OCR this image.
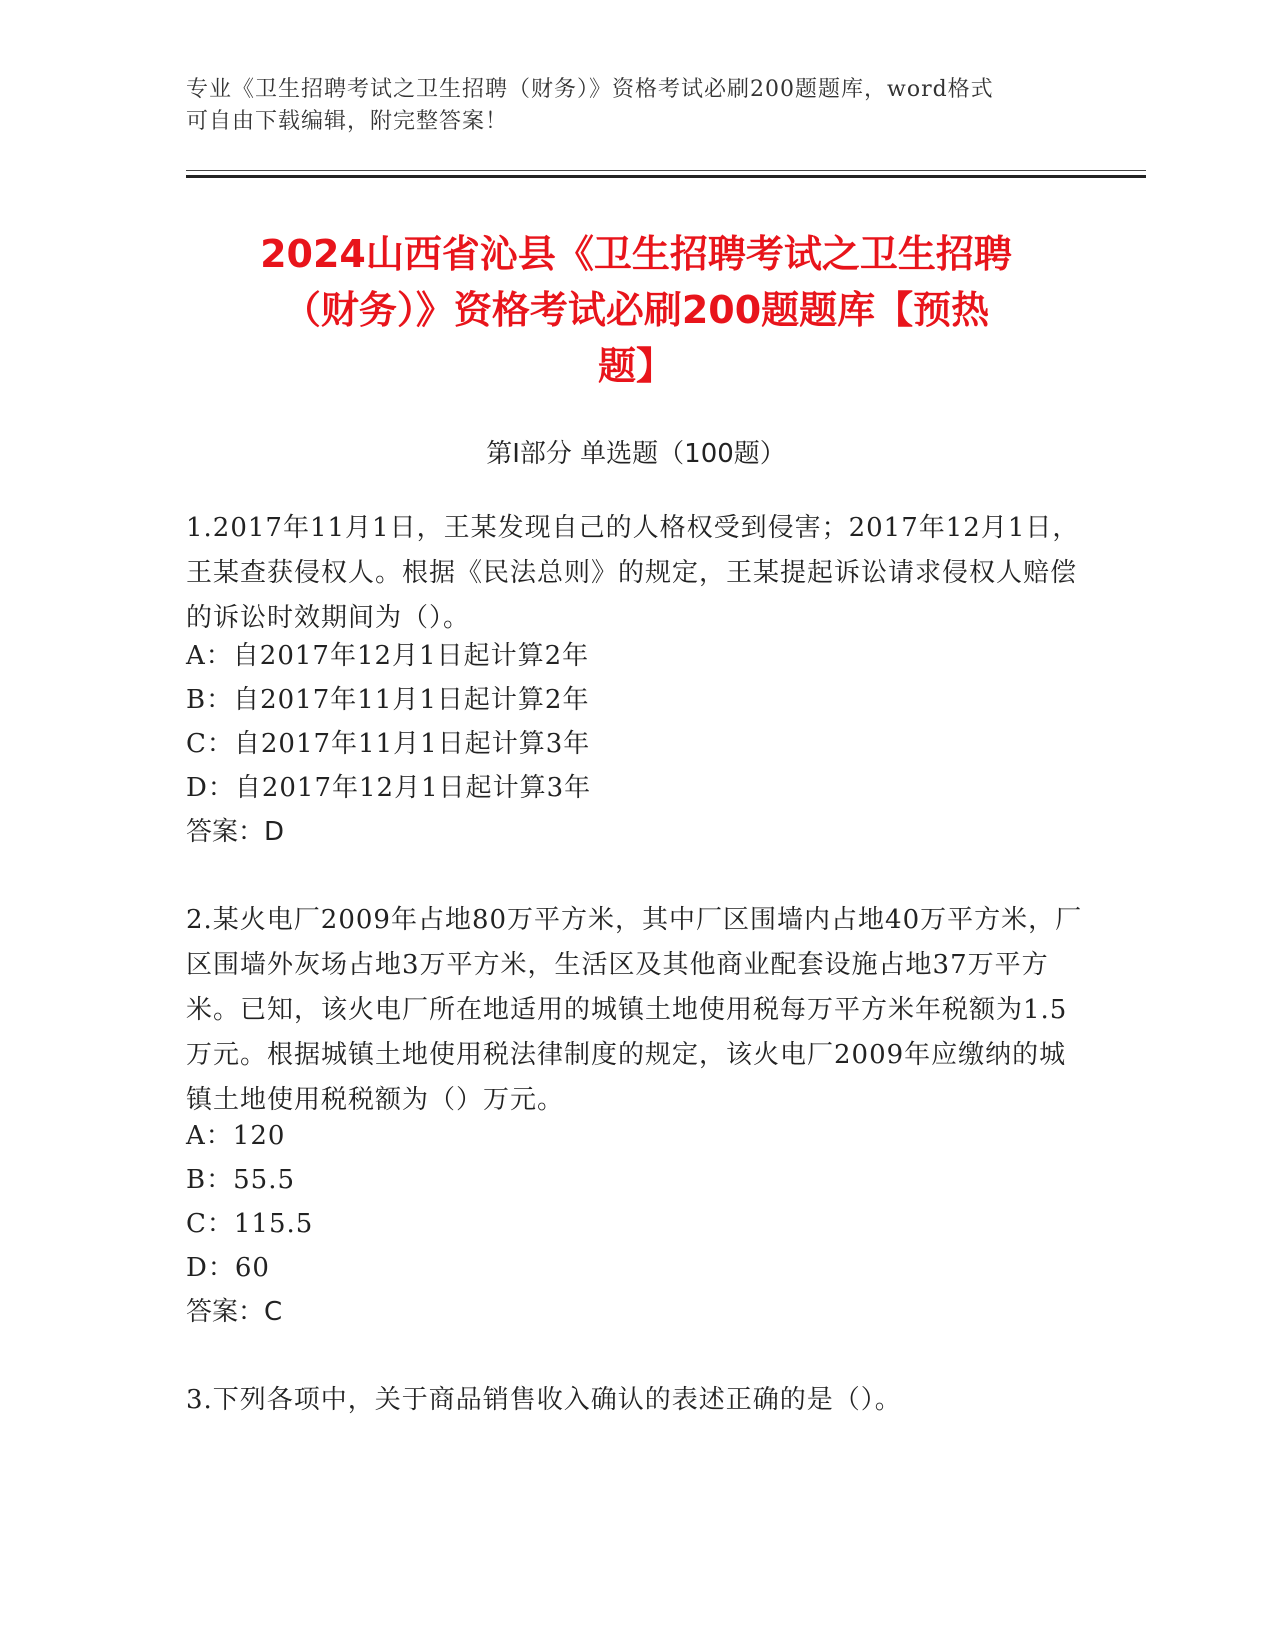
专业《卫生招聘考试之卫生招聘（财务）》资格考试必刷200题题库，word格式
可自由下载编辑，附完整答案！
2024山西省沁县《卫生招聘考试之卫生招聘
（财务）》资格考试必刷200题题库【预热
题】
第Ⅰ部分 单选题（100题）
1.2017年11月1日，王某发现自己的人格权受到侵害；2017年12月1日，王某查获侵权人。根据《民法总则》的规定，王某提起诉讼请求侵权人赔偿的诉讼时效期间为（）。
A：自2017年12月1日起计算2年
B：自2017年11月1日起计算2年
C：自2017年11月1日起计算3年
D：自2017年12月1日起计算3年
答案：D
2.某火电厂2009年占地80万平方米，其中厂区围墙内占地40万平方米，厂区围墙外灰场占地3万平方米，生活区及其他商业配套设施占地37万平方米。已知，该火电厂所在地适用的城镇土地使用税每万平方米年税额为1.5万元。根据城镇土地使用税法律制度的规定，该火电厂2009年应缴纳的城镇土地使用税税额为（）万元。
A：120
B：55.5
C：115.5
D：60
答案：C
3.下列各项中，关于商品销售收入确认的表述正确的是（）。
